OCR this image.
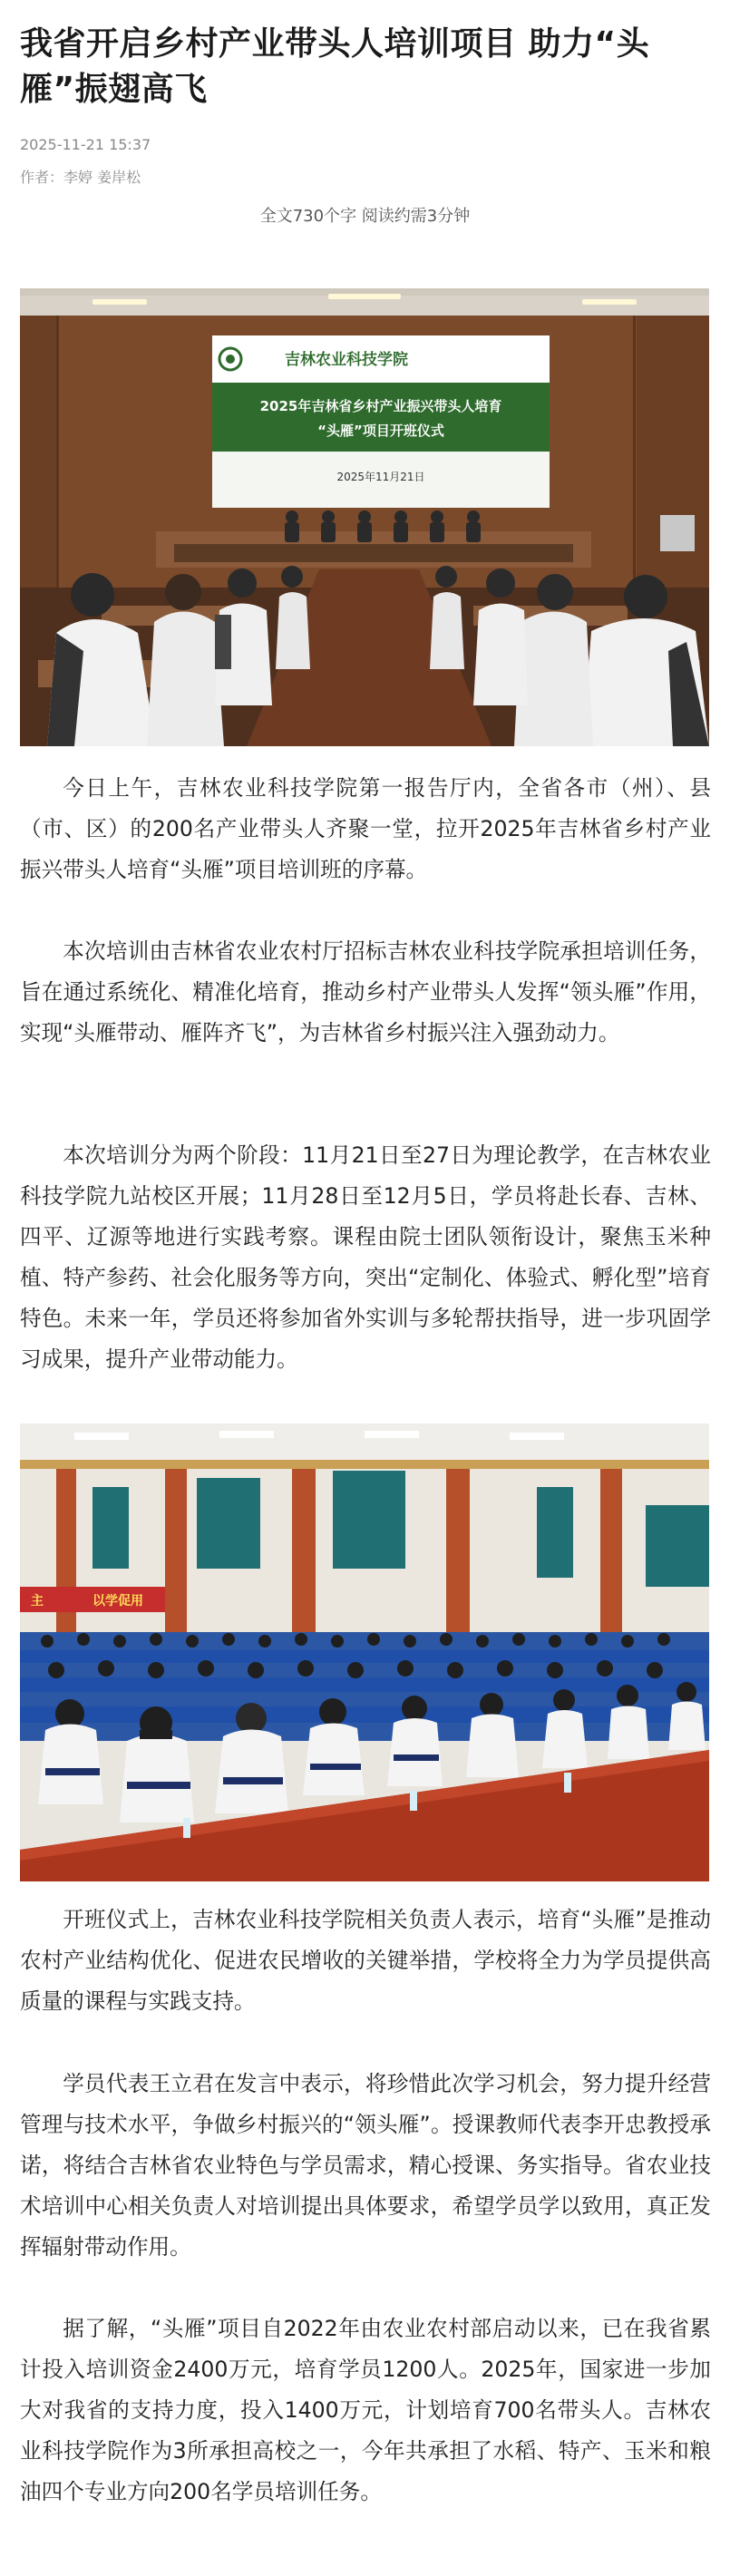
我省开启乡村产业带头人培训项目 助力“头雁”振翅高飞
2025-11-21 15:37
作者：李婷 姜岸松
全文730个字 阅读约需3分钟
吉林农业科技学院
2025年吉林省乡村产业振兴带头人培育
“头雁”项目开班仪式
2025年11月21日
今日上午，吉林农业科技学院第一报告厅内，全省各市（州）、县（市、区）的200名产业带头人齐聚一堂，拉开2025年吉林省乡村产业振兴带头人培育“头雁”项目培训班的序幕。
本次培训由吉林省农业农村厅招标吉林农业科技学院承担培训任务，旨在通过系统化、精准化培育，推动乡村产业带头人发挥“领头雁”作用，实现“头雁带动、雁阵齐飞”，为吉林省乡村振兴注入强劲动力。
本次培训分为两个阶段：11月21日至27日为理论教学，在吉林农业科技学院九站校区开展；11月28日至12月5日，学员将赴长春、吉林、四平、辽源等地进行实践考察。课程由院士团队领衔设计，聚焦玉米种植、特产参药、社会化服务等方向，突出“定制化、体验式、孵化型”培育特色。未来一年，学员还将参加省外实训与多轮帮扶指导，进一步巩固学习成果，提升产业带动能力。
主	以学促用
开班仪式上，吉林农业科技学院相关负责人表示，培育“头雁”是推动农村产业结构优化、促进农民增收的关键举措，学校将全力为学员提供高质量的课程与实践支持。
学员代表王立君在发言中表示，将珍惜此次学习机会，努力提升经营管理与技术水平，争做乡村振兴的“领头雁”。授课教师代表李开忠教授承诺，将结合吉林省农业特色与学员需求，精心授课、务实指导。省农业技术培训中心相关负责人对培训提出具体要求，希望学员学以致用，真正发挥辐射带动作用。
据了解，“头雁”项目自2022年由农业农村部启动以来，已在我省累计投入培训资金2400万元，培育学员1200人。2025年，国家进一步加大对我省的支持力度，投入1400万元，计划培育700名带头人。吉林农业科技学院作为3所承担高校之一，今年共承担了水稻、特产、玉米和粮油四个专业方向200名学员培训任务。
